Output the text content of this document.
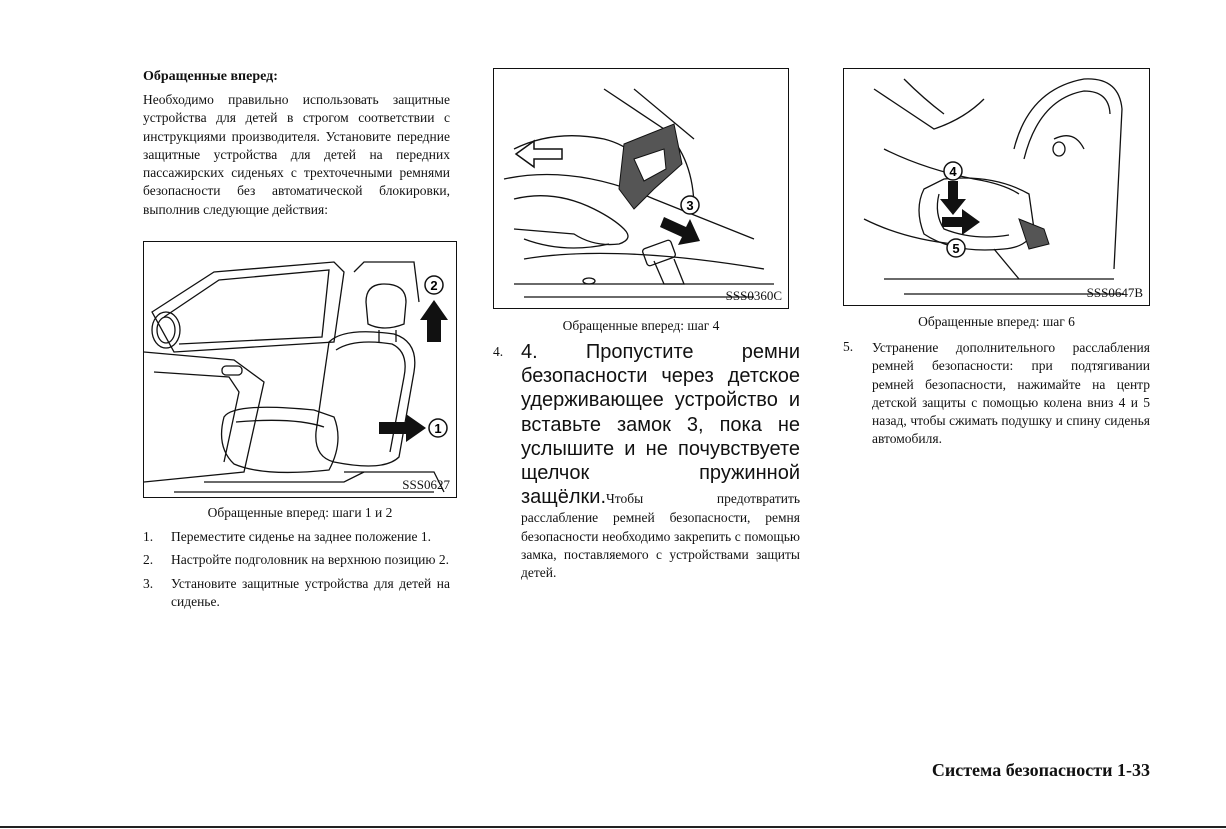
Обращенные вперед:
Необходимо правильно использовать защитные устройства для детей в строгом соответствии с инструкциями производителя. Установите передние защитные устройства для детей на передних пассажирских сиденьях с трехточечными ремнями безопасности без автоматической блокировки, выполнив следующие действия:
2
1
SSS0627
Обращенные вперед: шаги 1 и 2
1. Переместите сиденье на заднее положение 1.
2. Настройте подголовник на верхнюю позицию 2.
3. Установите защитные устройства для детей на сиденье.
3
SSS0360C
Обращенные вперед: шаг 4
4. 4. Пропустите ремни безопасности через детское удерживающее устройство и вставьте замок 3, пока не услышите и не почувствуете щелчок пружинной защёлки.Чтобы предотвратить расслабление ремней безопасности, ремня безопасности необходимо закрепить с помощью замка, поставляемого с устройствами защиты детей.
4
5
SSS0647B
Обращенные вперед: шаг 6
5. Устранение дополнительного расслабления ремней безопасности: при подтягивании ремней безопасности, нажимайте на центр детской защиты с помощью колена вниз 4 и 5 назад, чтобы сжимать подушку и спину сиденья автомобиля.
Система безопасности 1-33
